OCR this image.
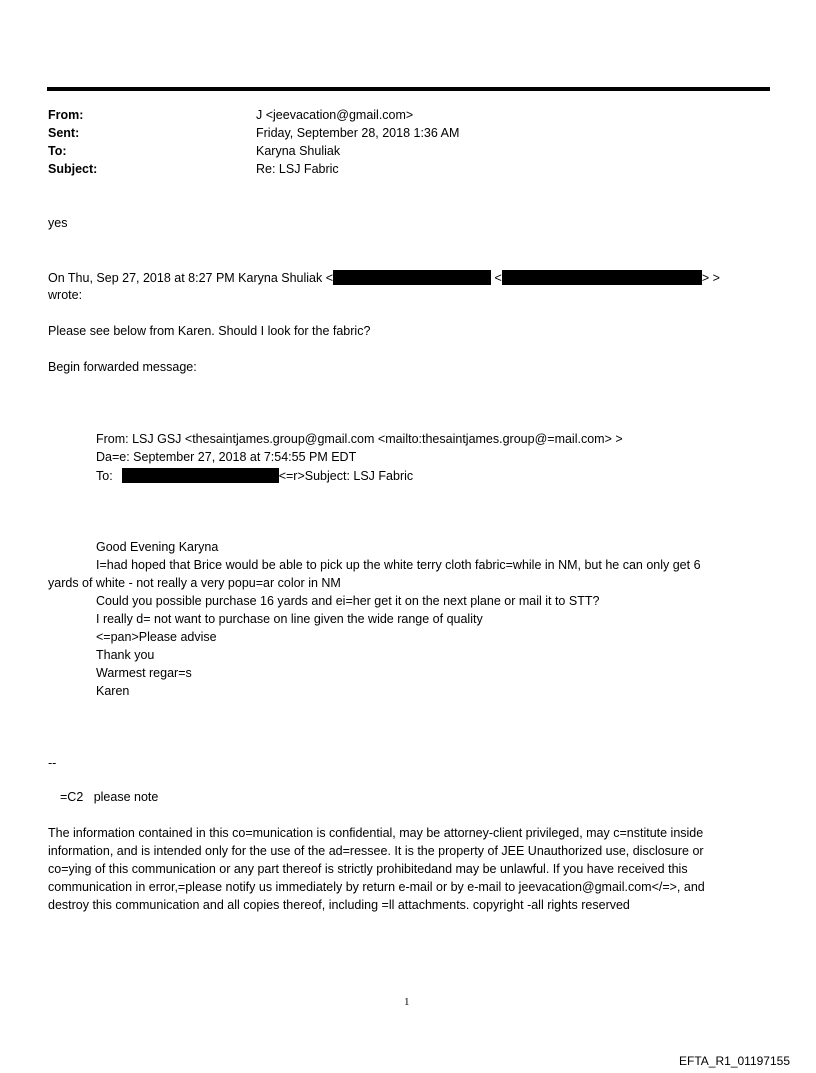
From:	J <jeevacation@gmail.com>
Sent:	Friday, September 28, 2018 1:36 AM
To:	Karyna Shuliak
Subject:	Re: LSJ Fabric
yes
On Thu, Sep 27, 2018 at 8:27 PM Karyna Shuliak <	<	> >
wrote:
Please see below from Karen. Should I look for the fabric?
Begin forwarded message:
From: LSJ GSJ <thesaintjames.group@gmail.com <mailto:thesaintjames.group@=mail.com> >
Da=e: September 27, 2018 at 7:54:55 PM EDT
To:	<=r>Subject: LSJ Fabric
Good Evening Karyna
I=had hoped that Brice would be able to pick up the white terry cloth fabric=while in NM, but he can only get 6
yards of white - not really a very popu=ar color in NM
Could you possible purchase 16 yards and ei=her get it on the next plane or mail it to STT?
I really d= not want to purchase on line given the wide range of quality
<=pan>Please advise
Thank you
Warmest regar=s
Karen
--
=C2   please note
The information contained in this co=munication is confidential, may be attorney-client privileged, may c=nstitute inside
information, and is intended only for the use of the ad=ressee. It is the property of JEE Unauthorized use, disclosure or
co=ying of this communication or any part thereof is strictly prohibitedand may be unlawful. If you have received this
communication in error,=please notify us immediately by return e-mail or by e-mail to jeevacation@gmail.com</=>, and
destroy this communication and all copies thereof, including =ll attachments. copyright -all rights reserved
1
EFTA_R1_01197155
